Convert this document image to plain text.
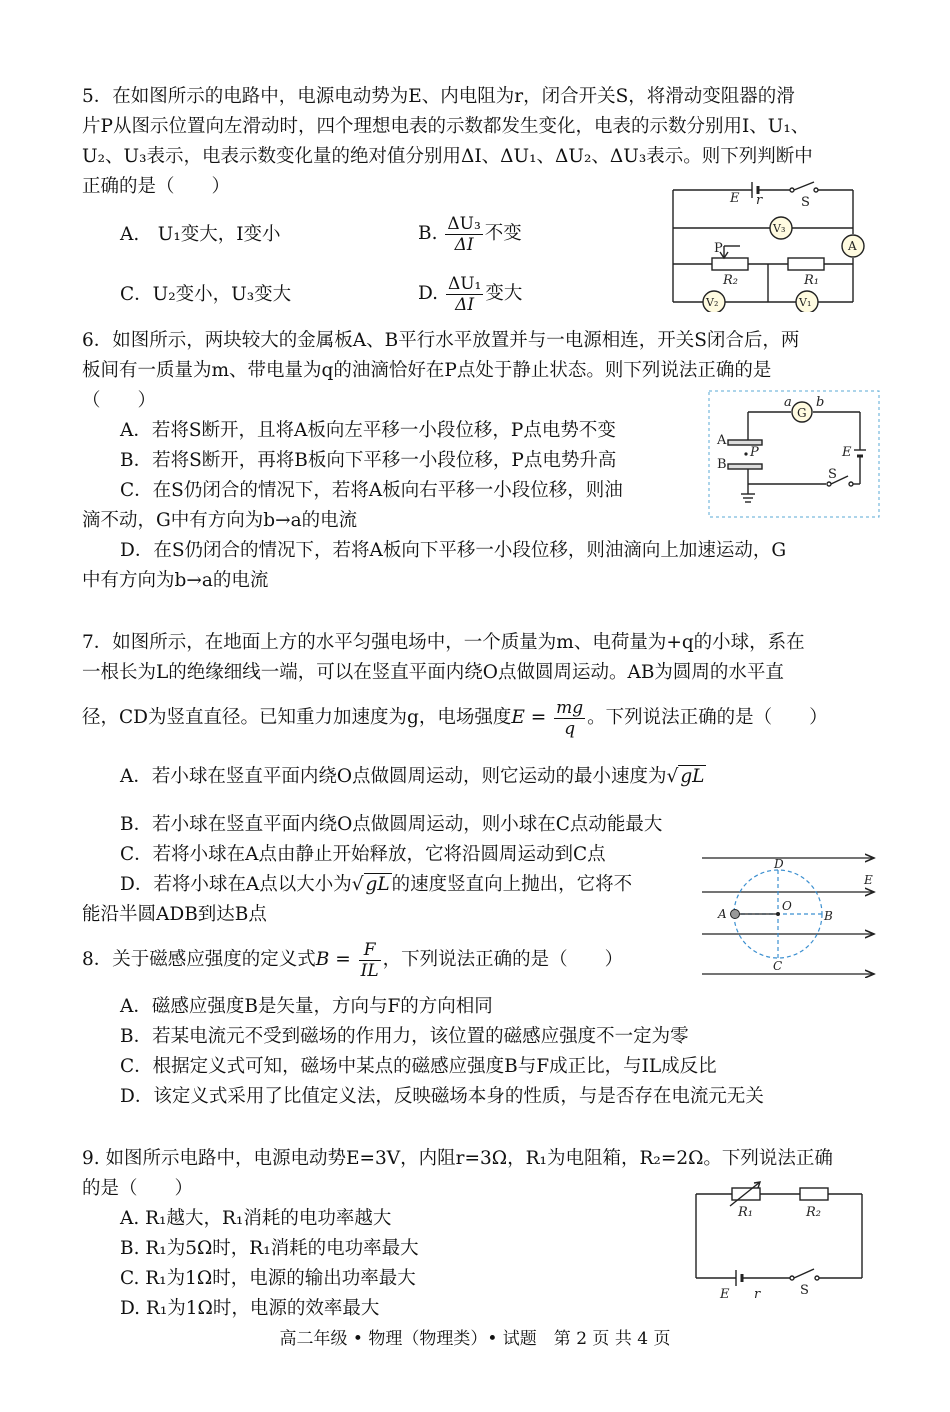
5．在如图所示的电路中，电源电动势为E、内电阻为r，闭合开关S，将滑动变阻器的滑
片P从图示位置向左滑动时，四个理想电表的示数都发生变化，电表的示数分别用I、U₁、
U₂、U₃表示，电表示数变化量的绝对值分别用ΔI、ΔU₁、ΔU₂、ΔU₃表示。则下列判断中
正确的是（　　）
A.　U₁变大，I变小	B. $\frac{\text{ΔU₃}}{\Delta I}$ 不变
C．U₂变小，U₃变大	D. $\frac{\text{ΔU₁}}{\Delta I}$ 变大
E r	S
V₃
A
P
R₂	R₁
V₂	V₁
6．如图所示，两块较大的金属板A、B平行水平放置并与一电源相连，开关S闭合后，两
板间有一质量为m、带电量为q的油滴恰好在P点处于静止状态。则下列说法正确的是
（　　）
A．若将S断开，且将A板向左平移一小段位移，P点电势不变
B．若将S断开，再将B板向下平移一小段位移，P点电势升高
C．在S仍闭合的情况下，若将A板向右平移一小段位移，则油
滴不动，G中有方向为b→a的电流
D．在S仍闭合的情况下，若将A板向下平移一小段位移，则油滴向上加速运动，G
中有方向为b→a的电流
a b
G
A
B
P	E
S
7．如图所示，在地面上方的水平匀强电场中，一个质量为m、电荷量为+q的小球，系在
一根长为L的绝缘细线一端，可以在竖直平面内绕O点做圆周运动。AB为圆周的水平直
径，CD为竖直直径。已知重力加速度为g，电场强度$E = \frac{mg}{q}$ 。下列说法正确的是（　　）
A．若小球在竖直平面内绕O点做圆周运动，则它运动的最小速度为√ gL
B．若小球在竖直平面内绕O点做圆周运动，则小球在C点动能最大
C．若将小球在A点由静止开始释放，它将沿圆周运动到C点
D．若将小球在A点以大小为√ gL 的速度竖直向上抛出，它将不
能沿半圆ADB到达B点
D
E
A
O
B
C
8．关于磁感应强度的定义式$B = \frac{F}{IL}$ ，下列说法正确的是（　　）
A．磁感应强度B是矢量，方向与F的方向相同
B．若某电流元不受到磁场的作用力，该位置的磁感应强度不一定为零
C．根据定义式可知，磁场中某点的磁感应强度B与F成正比，与IL成反比
D．该定义式采用了比值定义法，反映磁场本身的性质，与是否存在电流元无关
9. 如图所示电路中，电源电动势E=3V，内阻r=3Ω，R₁为电阻箱，R₂=2Ω。下列说法正确
的是（　　）
A. R₁越大，R₁消耗的电功率越大
B. R₁为5Ω时，R₁消耗的电功率最大
C. R₁为1Ω时，电源的输出功率最大
D. R₁为1Ω时，电源的效率最大
R₁	R₂
E r	S
高二年级 • 物理（物理类）• 试题　第 2 页 共 4 页
